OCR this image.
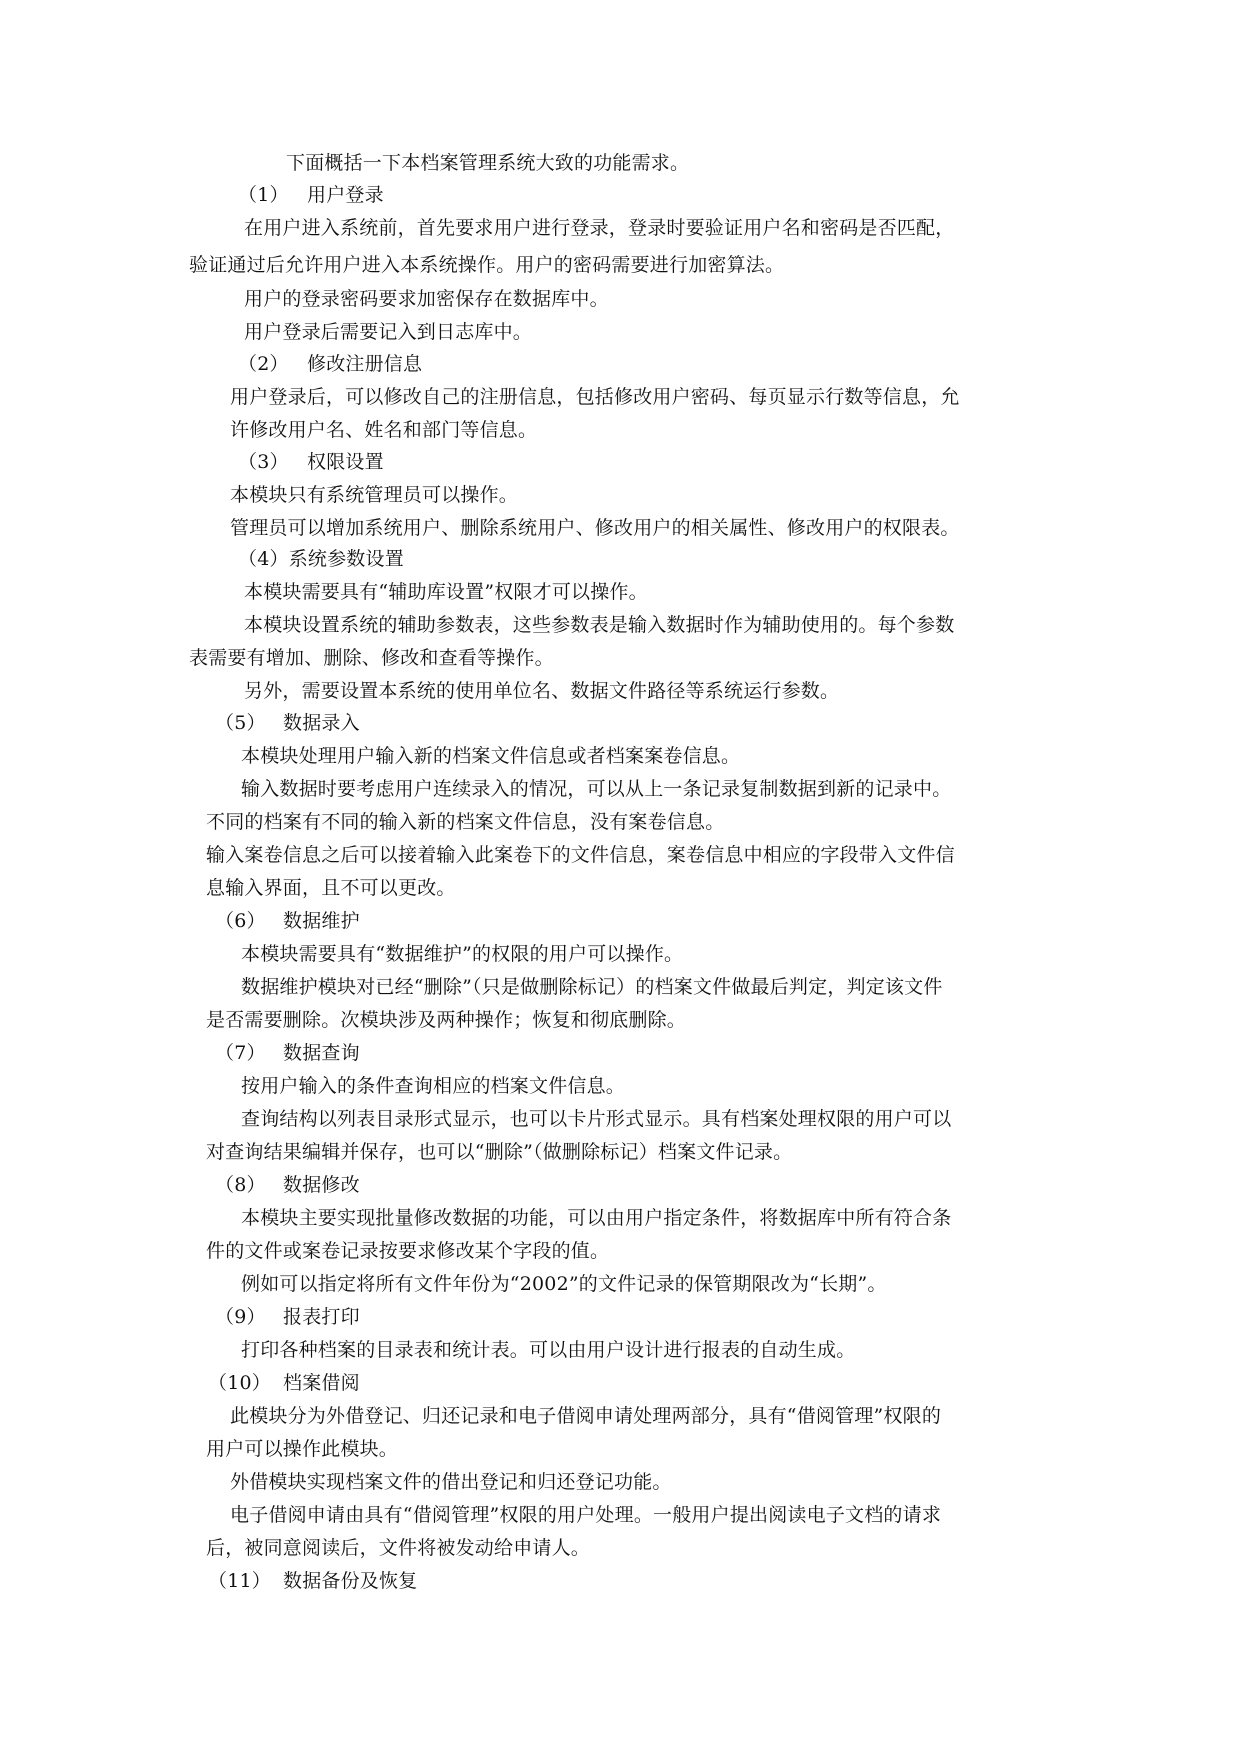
下面概括一下本档案管理系统大致的功能需求。
（1） 用户登录
在用户进入系统前，首先要求用户进行登录，登录时要验证用户名和密码是否匹配，
验证通过后允许用户进入本系统操作。用户的密码需要进行加密算法。
用户的登录密码要求加密保存在数据库中。
用户登录后需要记入到日志库中。
（2） 修改注册信息
用户登录后，可以修改自己的注册信息，包括修改用户密码、每页显示行数等信息，允
许修改用户名、姓名和部门等信息。
（3） 权限设置
本模块只有系统管理员可以操作。
管理员可以增加系统用户、删除系统用户、修改用户的相关属性、修改用户的权限表。
（4）系统参数设置
本模块需要具有“辅助库设置”权限才可以操作。
本模块设置系统的辅助参数表，这些参数表是输入数据时作为辅助使用的。每个参数
表需要有增加、删除、修改和查看等操作。
另外，需要设置本系统的使用单位名、数据文件路径等系统运行参数。
（5） 数据录入
本模块处理用户输入新的档案文件信息或者档案案卷信息。
输入数据时要考虑用户连续录入的情况，可以从上一条记录复制数据到新的记录中。
不同的档案有不同的输入新的档案文件信息，没有案卷信息。
输入案卷信息之后可以接着输入此案卷下的文件信息，案卷信息中相应的字段带入文件信
息输入界面，且不可以更改。
（6） 数据维护
本模块需要具有“数据维护”的权限的用户可以操作。
数据维护模块对已经“删除”（只是做删除标记）的档案文件做最后判定，判定该文件
是否需要删除。次模块涉及两种操作；恢复和彻底删除。
（7） 数据查询
按用户输入的条件查询相应的档案文件信息。
查询结构以列表目录形式显示，也可以卡片形式显示。具有档案处理权限的用户可以
对查询结果编辑并保存，也可以“删除”（做删除标记）档案文件记录。
（8） 数据修改
本模块主要实现批量修改数据的功能，可以由用户指定条件，将数据库中所有符合条
件的文件或案卷记录按要求修改某个字段的值。
例如可以指定将所有文件年份为“2002”的文件记录的保管期限改为“长期”。
（9） 报表打印
打印各种档案的目录表和统计表。可以由用户设计进行报表的自动生成。
（10） 档案借阅
此模块分为外借登记、归还记录和电子借阅申请处理两部分，具有“借阅管理”权限的
用户可以操作此模块。
外借模块实现档案文件的借出登记和归还登记功能。
电子借阅申请由具有“借阅管理”权限的用户处理。一般用户提出阅读电子文档的请求
后，被同意阅读后，文件将被发动给申请人。
（11） 数据备份及恢复
